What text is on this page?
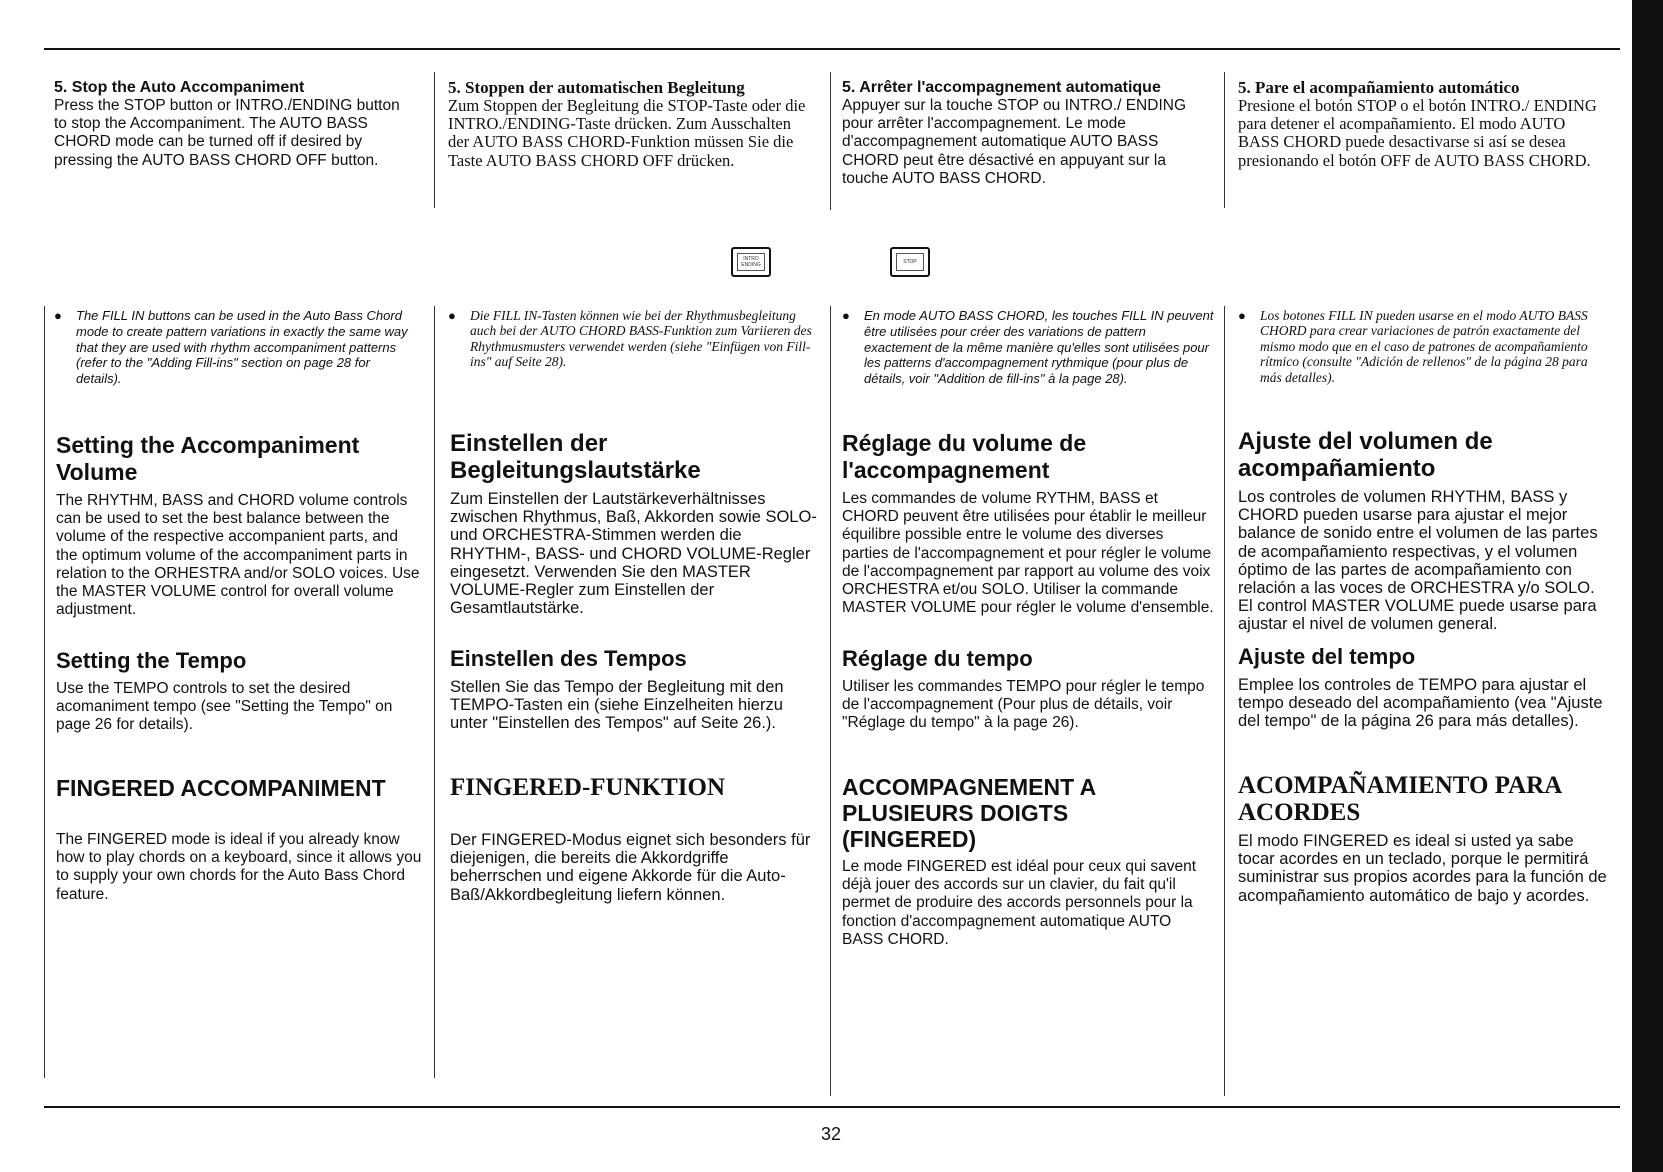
5. Stop the Auto Accompaniment

Press the STOP button or INTRO./ENDING button to stop the Accompaniment. The AUTO BASS CHORD mode can be turned off if desired by pressing the AUTO BASS CHORD OFF button.

5. Stoppen der automatischen Begleitung

Zum Stoppen der Begleitung die STOP-Taste oder die INTRO./ENDING-Taste drücken. Zum Ausschalten der AUTO BASS CHORD-Funktion müssen Sie die Taste AUTO BASS CHORD OFF drücken.

5. Arrêter l'accompagnement automatique

Appuyer sur la touche STOP ou INTRO./ ENDING pour arrêter l'accompagnement. Le mode d'accompagnement automatique AUTO BASS CHORD peut être désactivé en appuyant sur la touche AUTO BASS CHORD.

5. Pare el acompañamiento automático

Presione el botón STOP o el botón INTRO./ ENDING para detener el acompañamiento. El modo AUTO BASS CHORD puede desactivarse si así se desea presionando el botón OFF de AUTO BASS CHORD.

INTRO
ENDING	STOP
●	The FILL IN buttons can be used in the Auto Bass Chord mode to create pattern variations in exactly the same way that they are used with rhythm accompaniment patterns (refer to the "Adding Fill-ins" section on page 28 for details).
●	Die FILL IN-Tasten können wie bei der Rhythmusbegleitung auch bei der AUTO CHORD BASS-Funktion zum Variieren des Rhythmusmusters verwendet werden (siehe "Einfügen von Fill-ins" auf Seite 28).
●	En mode AUTO BASS CHORD, les touches FILL IN peuvent être utilisées pour créer des variations de pattern exactement de la même manière qu'elles sont utilisées pour les patterns d'accompagnement rythmique (pour plus de détails, voir "Addition de fill-ins" à la page 28).
●	Los botones FILL IN pueden usarse en el modo AUTO BASS CHORD para crear variaciones de patrón exactamente del mismo modo que en el caso de patrones de acompañamiento rítmico (consulte "Adición de rellenos" de la página 28 para más detalles).

Setting the Accompaniment Volume

The RHYTHM, BASS and CHORD volume controls can be used to set the best balance between the volume of the respective accompanient parts, and the optimum volume of the accompaniment parts in relation to the ORHESTRA and/or SOLO voices. Use the MASTER VOLUME control for overall volume adjustment.

Einstellen der Begleitungslautstärke

Zum Einstellen der Lautstärkeverhältnisses zwischen Rhythmus, Baß, Akkorden sowie SOLO- und ORCHESTRA-Stimmen werden die RHYTHM-, BASS- und CHORD VOLUME-Regler eingesetzt. Verwenden Sie den MASTER VOLUME-Regler zum Einstellen der Gesamtlautstärke.

Réglage du volume de l'accompagnement

Les commandes de volume RYTHM, BASS et CHORD peuvent être utilisées pour établir le meilleur équilibre possible entre le volume des diverses parties de l'accompagnement et pour régler le volume de l'accompagnement par rapport au volume des voix ORCHESTRA et/ou SOLO. Utiliser la commande MASTER VOLUME pour régler le volume d'ensemble.

Ajuste del volumen de acompañamiento

Los controles de volumen RHYTHM, BASS y CHORD pueden usarse para ajustar el mejor balance de sonido entre el volumen de las partes de acompañamiento respectivas, y el volumen óptimo de las partes de acompañamiento con relación a las voces de ORCHESTRA y/o SOLO. El control MASTER VOLUME puede usarse para ajustar el nivel de volumen general.

Setting the Tempo

Use the TEMPO controls to set the desired acomaniment tempo (see "Setting the Tempo" on page 26 for details).

Einstellen des Tempos

Stellen Sie das Tempo der Begleitung mit den TEMPO-Tasten ein (siehe Einzelheiten hierzu unter "Einstellen des Tempos" auf Seite 26.).

Réglage du tempo

Utiliser les commandes TEMPO pour régler le tempo de l'accompagnement (Pour plus de détails, voir "Réglage du tempo" à la page 26).

Ajuste del tempo

Emplee los controles de TEMPO para ajustar el tempo deseado del acompañamiento (vea "Ajuste del tempo" de la página 26 para más detalles).

FINGERED ACCOMPANIMENT

The FINGERED mode is ideal if you already know how to play chords on a keyboard, since it allows you to supply your own chords for the Auto Bass Chord feature.

FINGERED-FUNKTION

Der FINGERED-Modus eignet sich besonders für diejenigen, die bereits die Akkordgriffe beherrschen und eigene Akkorde für die Auto-Baß/Akkordbegleitung liefern können.

ACCOMPAGNEMENT A PLUSIEURS DOIGTS (FINGERED)

Le mode FINGERED est idéal pour ceux qui savent déjà jouer des accords sur un clavier, du fait qu'il permet de produire des accords personnels pour la fonction d'accompagnement automatique AUTO BASS CHORD.

ACOMPAÑAMIENTO PARA ACORDES

El modo FINGERED es ideal si usted ya sabe tocar acordes en un teclado, porque le permitirá suministrar sus propios acordes para la función de acompañamiento automático de bajo y acordes.

32
